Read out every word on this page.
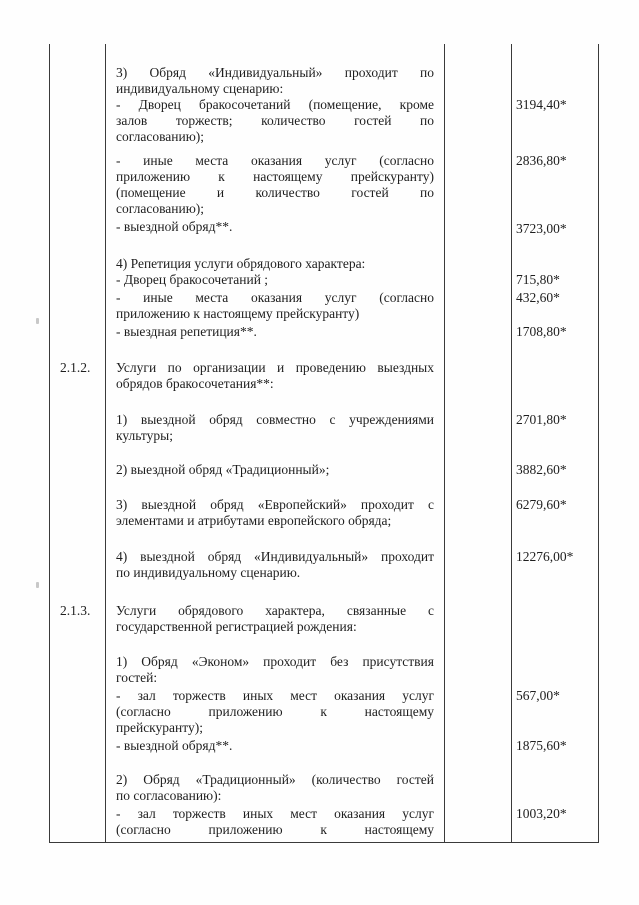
3) Обряд «Индивидуальный» проходит по
индивидуальному сценарию:
- Дворец бракосочетаний (помещение, кроме
залов торжеств; количество гостей по
согласованию);
- иные места оказания услуг (согласно
приложению к настоящему прейскуранту)
(помещение и количество гостей по
согласованию);
- выездной обряд**.
4) Репетиция услуги обрядового характера:
- Дворец бракосочетаний ;
- иные места оказания услуг (согласно
приложению к настоящему прейскуранту)
- выездная репетиция**.
Услуги по организации и проведению выездных
обрядов бракосочетания**:
1) выездной обряд совместно с учреждениями
культуры;
2) выездной обряд «Традиционный»;
3) выездной обряд «Европейский» проходит с
элементами и атрибутами европейского обряда;
4) выездной обряд «Индивидуальный» проходит
по индивидуальному сценарию.
Услуги обрядового характера, связанные с
государственной регистрацией рождения:
1) Обряд «Эконом» проходит без присутствия
гостей:
- зал торжеств иных мест оказания услуг
(согласно приложению к настоящему
прейскуранту);
- выездной обряд**.
2) Обряд «Традиционный» (количество гостей
по согласованию):
- зал торжеств иных мест оказания услуг
(согласно приложению к настоящему
2.1.2.
2.1.3.
3194,40*
2836,80*
3723,00*
715,80*
432,60*
1708,80*
2701,80*
3882,60*
6279,60*
12276,00*
567,00*
1875,60*
1003,20*
